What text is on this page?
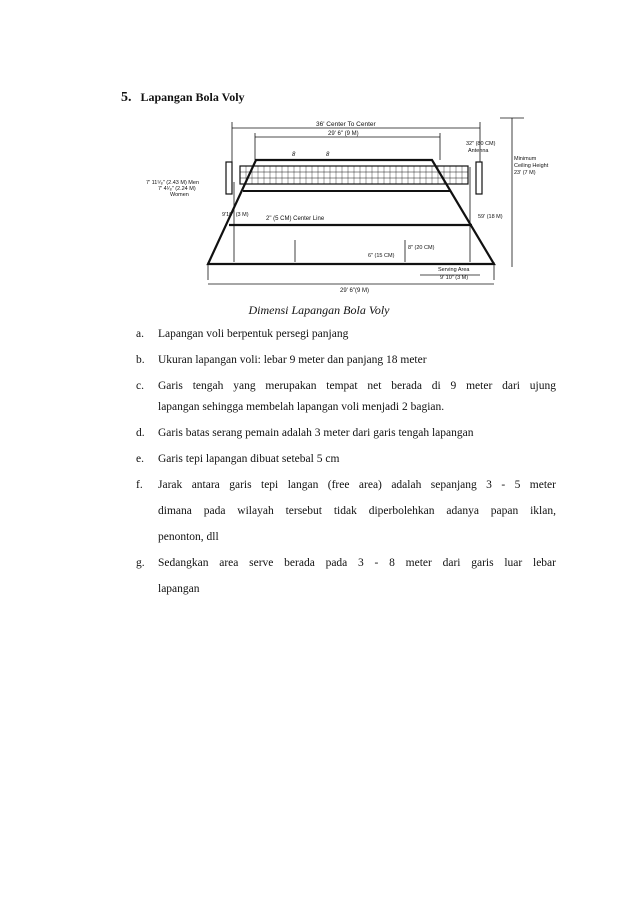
5. Lapangan Bola Voly
36' Center To Center
29' 6" (9 M)
8	8
32" (80 CM)
Antenna
Minimum
Ceiling Height
23' (7 M)
7' 11⁵⁄₈" (2.43 M) Men
7' 4¹⁄₈" (2.24 M)
Women
9'10" (3 M)
2" (5 CM) Center Line	59' (18 M)
8" (20 CM)
6" (15 CM)
Serving Area
9' 10" (3 M)
29' 6"(9 M)
Dimensi Lapangan Bola Voly
a.	Lapangan voli berpentuk persegi panjang
b.	Ukuran lapangan voli: lebar 9 meter dan panjang 18 meter
c.	Garis tengah yang merupakan tempat net berada di 9 meter dari ujung
lapangan sehingga membelah lapangan voli menjadi 2 bagian.
d.	Garis batas serang pemain adalah 3 meter dari garis tengah lapangan
e.	Garis tepi lapangan dibuat setebal 5 cm
f.	Jarak antara garis tepi langan (free area) adalah sepanjang 3 - 5 meter
dimana pada wilayah tersebut tidak diperbolehkan adanya papan iklan,
penonton, dll
g.	Sedangkan area serve berada pada 3 - 8 meter dari garis luar lebar
lapangan
